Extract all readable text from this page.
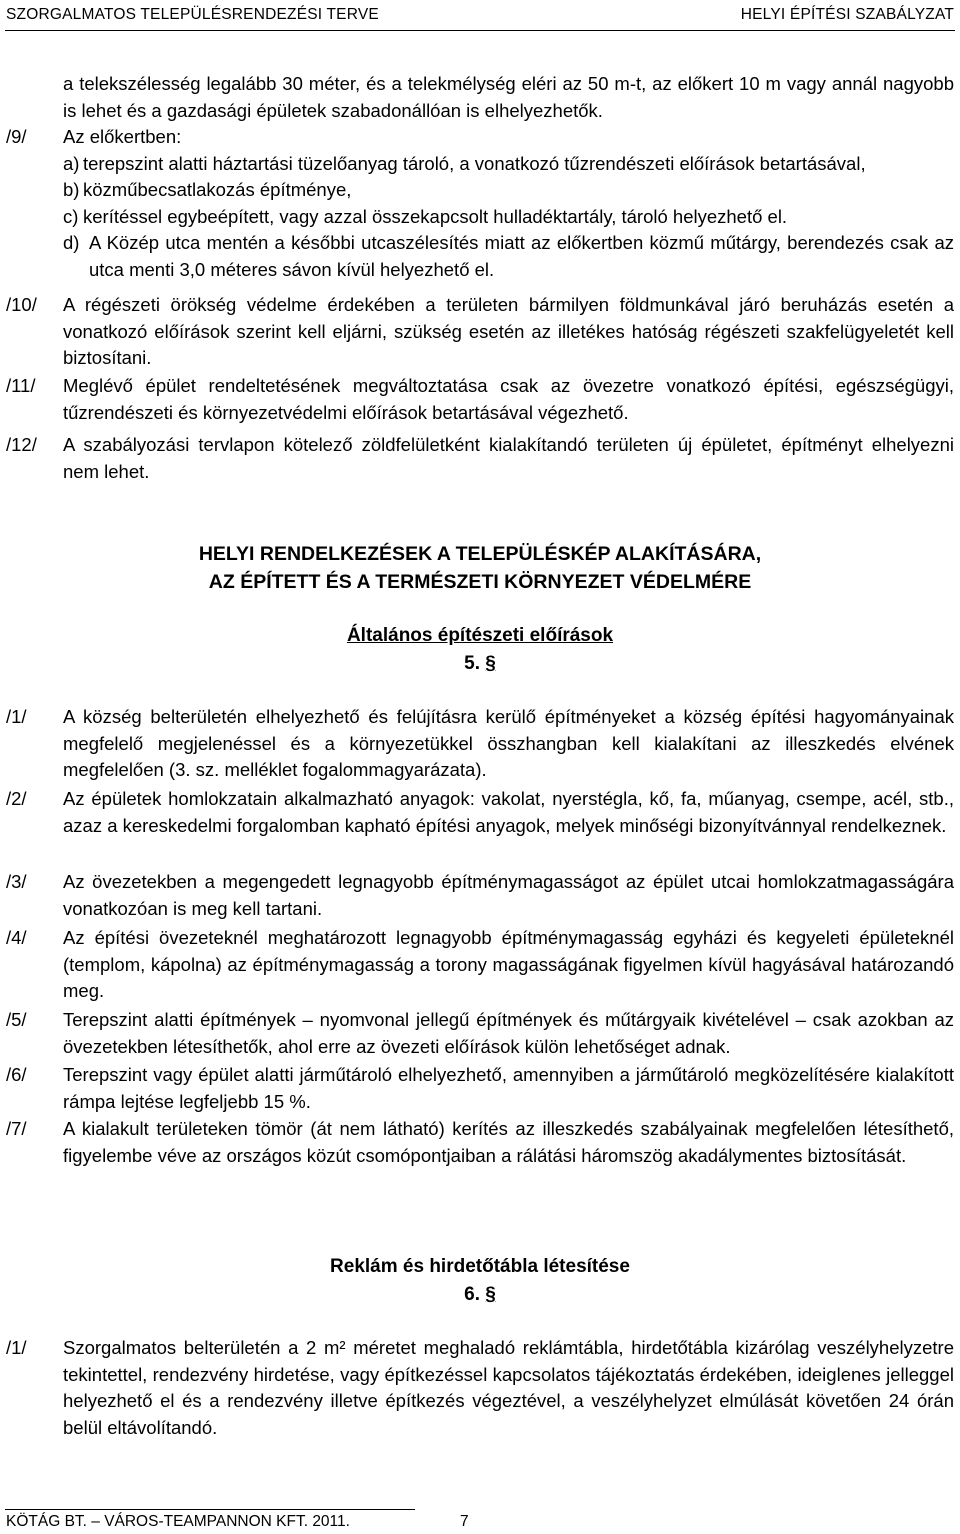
SZORGALMATOS TELEPÜLÉSRENDEZÉSI TERVE	HELYI ÉPÍTÉSI SZABÁLYZAT
a telekszélesség legalább 30 méter, és a telekmélység eléri az 50 m-t, az előkert 10 m vagy annál nagyobb is lehet és a gazdasági épületek szabadonállóan is elhelyezhetők.
/9/	Az előkertben:
a) terepszint alatti háztartási tüzelőanyag tároló, a vonatkozó tűzrendészeti előírások betartásával,
b) közműbecsatlakozás építménye,
c) kerítéssel egybeépített, vagy azzal összekapcsolt hulladéktartály, tároló helyezhető el.
d) A Közép utca mentén a későbbi utcaszélesítés miatt az előkertben közmű műtárgy, berendezés csak az utca menti 3,0 méteres sávon kívül helyezhető el.
/10/	A régészeti örökség védelme érdekében a területen bármilyen földmunkával járó beruházás esetén a vonatkozó előírások szerint kell eljárni, szükség esetén az illetékes hatóság régészeti szakfelügyeletét kell biztosítani.
/11/	Meglévő épület rendeltetésének megváltoztatása csak az övezetre vonatkozó építési, egészségügyi, tűzrendészeti és környezetvédelmi előírások betartásával végezhető.
/12/	A szabályozási tervlapon kötelező zöldfelületként kialakítandó területen új épületet, építményt elhelyezni nem lehet.
HELYI RENDELKEZÉSEK A TELEPÜLÉSKÉP ALAKÍTÁSÁRA,
AZ ÉPÍTETT ÉS A TERMÉSZETI KÖRNYEZET VÉDELMÉRE
Általános építészeti előírások
5. §
/1/	A község belterületén elhelyezhető és felújításra kerülő építményeket a község építési hagyományainak megfelelő megjelenéssel és a környezetükkel összhangban kell kialakítani az illeszkedés elvének megfelelően (3. sz. melléklet fogalommagyarázata).
/2/	Az épületek homlokzatain alkalmazható anyagok: vakolat, nyerstégla, kő, fa, műanyag, csempe, acél, stb., azaz a kereskedelmi forgalomban kapható építési anyagok, melyek minőségi bizonyítvánnyal rendelkeznek.
/3/	Az övezetekben a megengedett legnagyobb építménymagasságot az épület utcai homlokzatmagasságára vonatkozóan is meg kell tartani.
/4/	Az építési övezeteknél meghatározott legnagyobb építménymagasság egyházi és kegyeleti épületeknél (templom, kápolna) az építménymagasság a torony magasságának figyelmen kívül hagyásával határozandó meg.
/5/	Terepszint alatti építmények – nyomvonal jellegű építmények és műtárgyaik kivételével – csak azokban az övezetekben létesíthetők, ahol erre az övezeti előírások külön lehetőséget adnak.
/6/	Terepszint vagy épület alatti járműtároló elhelyezhető, amennyiben a járműtároló megközelítésére kialakított rámpa lejtése legfeljebb 15 %.
/7/	A kialakult területeken tömör (át nem látható) kerítés az illeszkedés szabályainak megfelelően létesíthető, figyelembe véve az országos közút csomópontjaiban a rálátási háromszög akadálymentes biztosítását.
Reklám és hirdetőtábla létesítése
6. §
/1/	Szorgalmatos belterületén a 2 m² méretet meghaladó reklámtábla, hirdetőtábla kizárólag veszélyhelyzetre tekintettel, rendezvény hirdetése, vagy építkezéssel kapcsolatos tájékoztatás érdekében, ideiglenes jelleggel helyezhető el és a rendezvény illetve építkezés végeztével, a veszélyhelyzet elmúlását követően 24 órán belül eltávolítandó.
KÖTÁG BT. – VÁROS-TEAMPANNON KFT. 2011.	7
